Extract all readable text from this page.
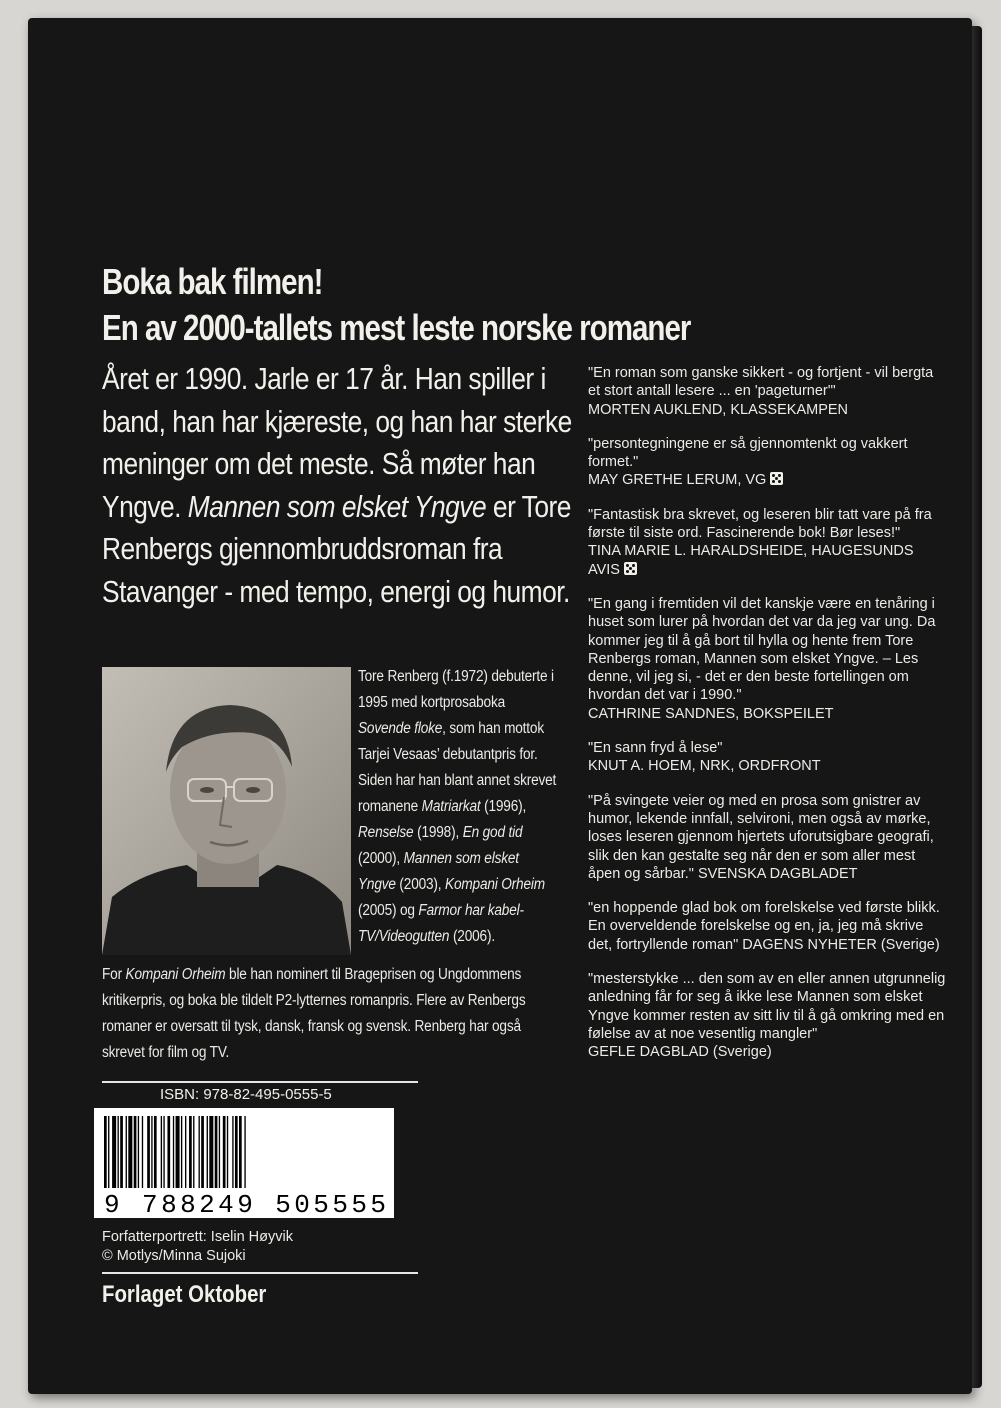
Boka bak filmen!
En av 2000-tallets mest leste norske romaner
Året er 1990. Jarle er 17 år. Han spiller i band, han har kjæreste, og han har sterke meninger om det meste. Så møter han Yngve. Mannen som elsket Yngve er Tore Renbergs gjennombruddsroman fra Stavanger - med tempo, energi og humor.
Tore Renberg (f.1972) debuterte i 1995 med kortprosaboka Sovende floke, som han mottok Tarjei Vesaas’ debutantpris for. Siden har han blant annet skrevet romanene Matriarkat (1996), Renselse (1998), En god tid (2000), Mannen som elsket Yngve (2003), Kompani Orheim (2005) og Farmor har kabel-TV/Videogutten (2006).
For Kompani Orheim ble han nominert til Brageprisen og Ungdommens kritikerpris, og boka ble tildelt P2-lytternes romanpris. Flere av Renbergs romaner er oversatt til tysk, dansk, fransk og svensk. Renberg har også skrevet for film og TV.
ISBN: 978-82-495-0555-5
9 788249 505555
Forfatterportrett: Iselin Høyvik
© Motlys/Minna Sujoki
Forlaget Oktober
"En roman som ganske sikkert - og fortjent - vil bergta et stort antall lesere ... en 'pageturner'"
MORTEN AUKLEND, KLASSEKAMPEN
"persontegningene er så gjennomtenkt og vakkert formet."
MAY GRETHE LERUM, VG
"Fantastisk bra skrevet, og leseren blir tatt vare på fra første til siste ord. Fascinerende bok! Bør leses!"
TINA MARIE L. HARALDSHEIDE, HAUGESUNDS AVIS
"En gang i fremtiden vil det kanskje være en tenåring i huset som lurer på hvordan det var da jeg var ung. Da kommer jeg til å gå bort til hylla og hente frem Tore Renbergs roman, Mannen som elsket Yngve. – Les denne, vil jeg si, - det er den beste fortellingen om hvordan det var i 1990."
CATHRINE SANDNES, BOKSPEILET
"En sann fryd å lese"
KNUT A. HOEM, NRK, ORDFRONT
"På svingete veier og med en prosa som gnistrer av humor, lekende innfall, selvironi, men også av mørke, loses leseren gjennom hjertets uforutsigbare geografi, slik den kan gestalte seg når den er som aller mest åpen og sårbar." SVENSKA DAGBLADET
"en hoppende glad bok om forelskelse ved første blikk. En overveldende forelskelse og en, ja, jeg må skrive det, fortryllende roman" DAGENS NYHETER (Sverige)
"mesterstykke ... den som av en eller annen utgrunnelig anledning får for seg å ikke lese Mannen som elsket Yngve kommer resten av sitt liv til å gå omkring med en følelse av at noe vesentlig mangler"
GEFLE DAGBLAD (Sverige)
